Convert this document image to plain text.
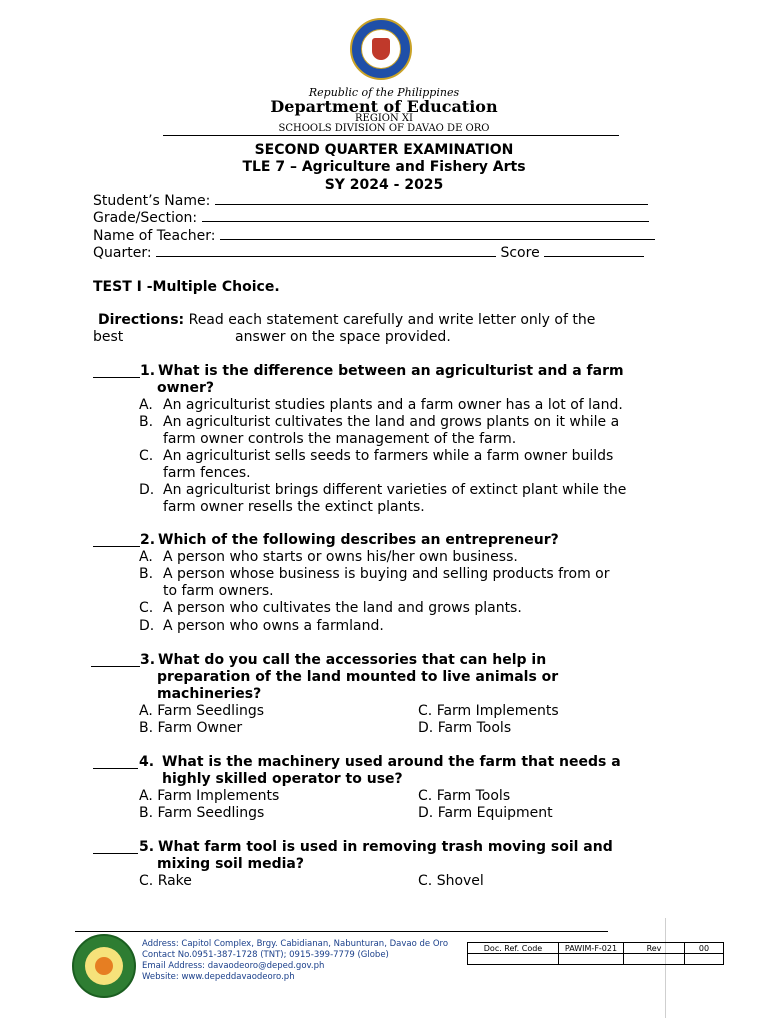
Republic of the Philippines
Department of Education
REGION XI
SCHOOLS DIVISION OF DAVAO DE ORO
SECOND QUARTER EXAMINATION
TLE 7 – Agriculture and Fishery Arts
SY 2024 - 2025
Student’s Name:
Grade/Section:
Name of Teacher:
Quarter:	Score
TEST I -Multiple Choice.
Directions: Read each statement carefully and write letter only of the
best	answer on the space provided.
1. What is the difference between an agriculturist and a farm
owner?
A. An agriculturist studies plants and a farm owner has a lot of land.
B. An agriculturist cultivates the land and grows plants on it while a
farm owner controls the management of the farm.
C. An agriculturist sells seeds to farmers while a farm owner builds
farm fences.
D. An agriculturist brings different varieties of extinct plant while the
farm owner resells the extinct plants.
2. Which of the following describes an entrepreneur?
A. A person who starts or owns his/her own business.
B. A person whose business is buying and selling products from or
to farm owners.
C. A person who cultivates the land and grows plants.
D. A person who owns a farmland.
3. What do you call the accessories that can help in
preparation of the land mounted to live animals or
machineries?
A. Farm Seedlings	C. Farm Implements
B. Farm Owner	D. Farm Tools
4. What is the machinery used around the farm that needs a
highly skilled operator to use?
A. Farm Implements	C. Farm Tools
B. Farm Seedlings	D. Farm Equipment
5. What farm tool is used in removing trash moving soil and
mixing soil media?
C. Rake	C. Shovel
Address: Capitol Complex, Brgy. Cabidianan, Nabunturan, Davao de Oro
Contact No.0951-387-1728 (TNT); 0915-399-7779 (Globe)
Email Address: davaodeoro@deped.gov.ph
Website: www.depeddavaodeoro.ph
Doc. Ref. Code	PAWIM-F-021	Rev	00
